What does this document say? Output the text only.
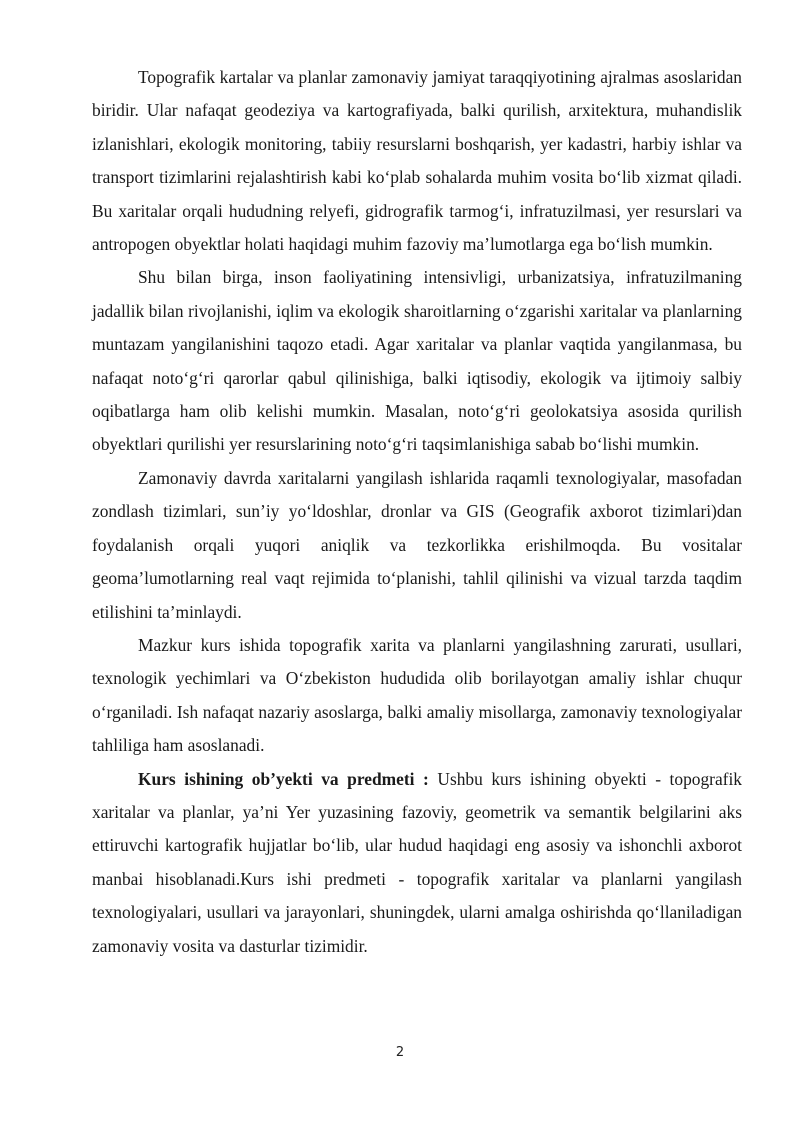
Topografik kartalar va planlar zamonaviy jamiyat taraqqiyotining ajralmas asoslaridan biridir. Ular nafaqat geodeziya va kartografiyada, balki qurilish, arxitektura, muhandislik izlanishlari, ekologik monitoring, tabiiy resurslarni boshqarish, yer kadastri, harbiy ishlar va transport tizimlarini rejalashtirish kabi ko‘plab sohalarda muhim vosita bo‘lib xizmat qiladi. Bu xaritalar orqali hududning relyefi, gidrografik tarmog‘i, infratuzilmasi, yer resurslari va antropogen obyektlar holati haqidagi muhim fazoviy ma’lumotlarga ega bo‘lish mumkin.

Shu bilan birga, inson faoliyatining intensivligi, urbanizatsiya, infratuzilmaning jadallik bilan rivojlanishi, iqlim va ekologik sharoitlarning o‘zgarishi xaritalar va planlarning muntazam yangilanishini taqozo etadi. Agar xaritalar va planlar vaqtida yangilanmasa, bu nafaqat noto‘g‘ri qarorlar qabul qilinishiga, balki iqtisodiy, ekologik va ijtimoiy salbiy oqibatlarga ham olib kelishi mumkin. Masalan, noto‘g‘ri geolokatsiya asosida qurilish obyektlari qurilishi yer resurslarining noto‘g‘ri taqsimlanishiga sabab bo‘lishi mumkin.

Zamonaviy davrda xaritalarni yangilash ishlarida raqamli texnologiyalar, masofadan zondlash tizimlari, sun’iy yo‘ldoshlar, dronlar va GIS (Geografik axborot tizimlari)dan foydalanish orqali yuqori aniqlik va tezkorlikka erishilmoqda. Bu vositalar geoma’lumotlarning real vaqt rejimida to‘planishi, tahlil qilinishi va vizual tarzda taqdim etilishini ta’minlaydi.

Mazkur kurs ishida topografik xarita va planlarni yangilashning zarurati, usullari, texnologik yechimlari va O‘zbekiston hududida olib borilayotgan amaliy ishlar chuqur o‘rganiladi. Ish nafaqat nazariy asoslarga, balki amaliy misollarga, zamonaviy texnologiyalar tahliliga ham asoslanadi.

Kurs ishining ob’yekti va predmeti : Ushbu kurs ishining obyekti - topografik xaritalar va planlar, ya’ni Yer yuzasining fazoviy, geometrik va semantik belgilarini aks ettiruvchi kartografik hujjatlar bo‘lib, ular hudud haqidagi eng asosiy va ishonchli axborot manbai hisoblanadi.Kurs ishi predmeti - topografik xaritalar va planlarni yangilash texnologiyalari, usullari va jarayonlari, shuningdek, ularni amalga oshirishda qo‘llaniladigan zamonaviy vosita va dasturlar tizimidir.

2
